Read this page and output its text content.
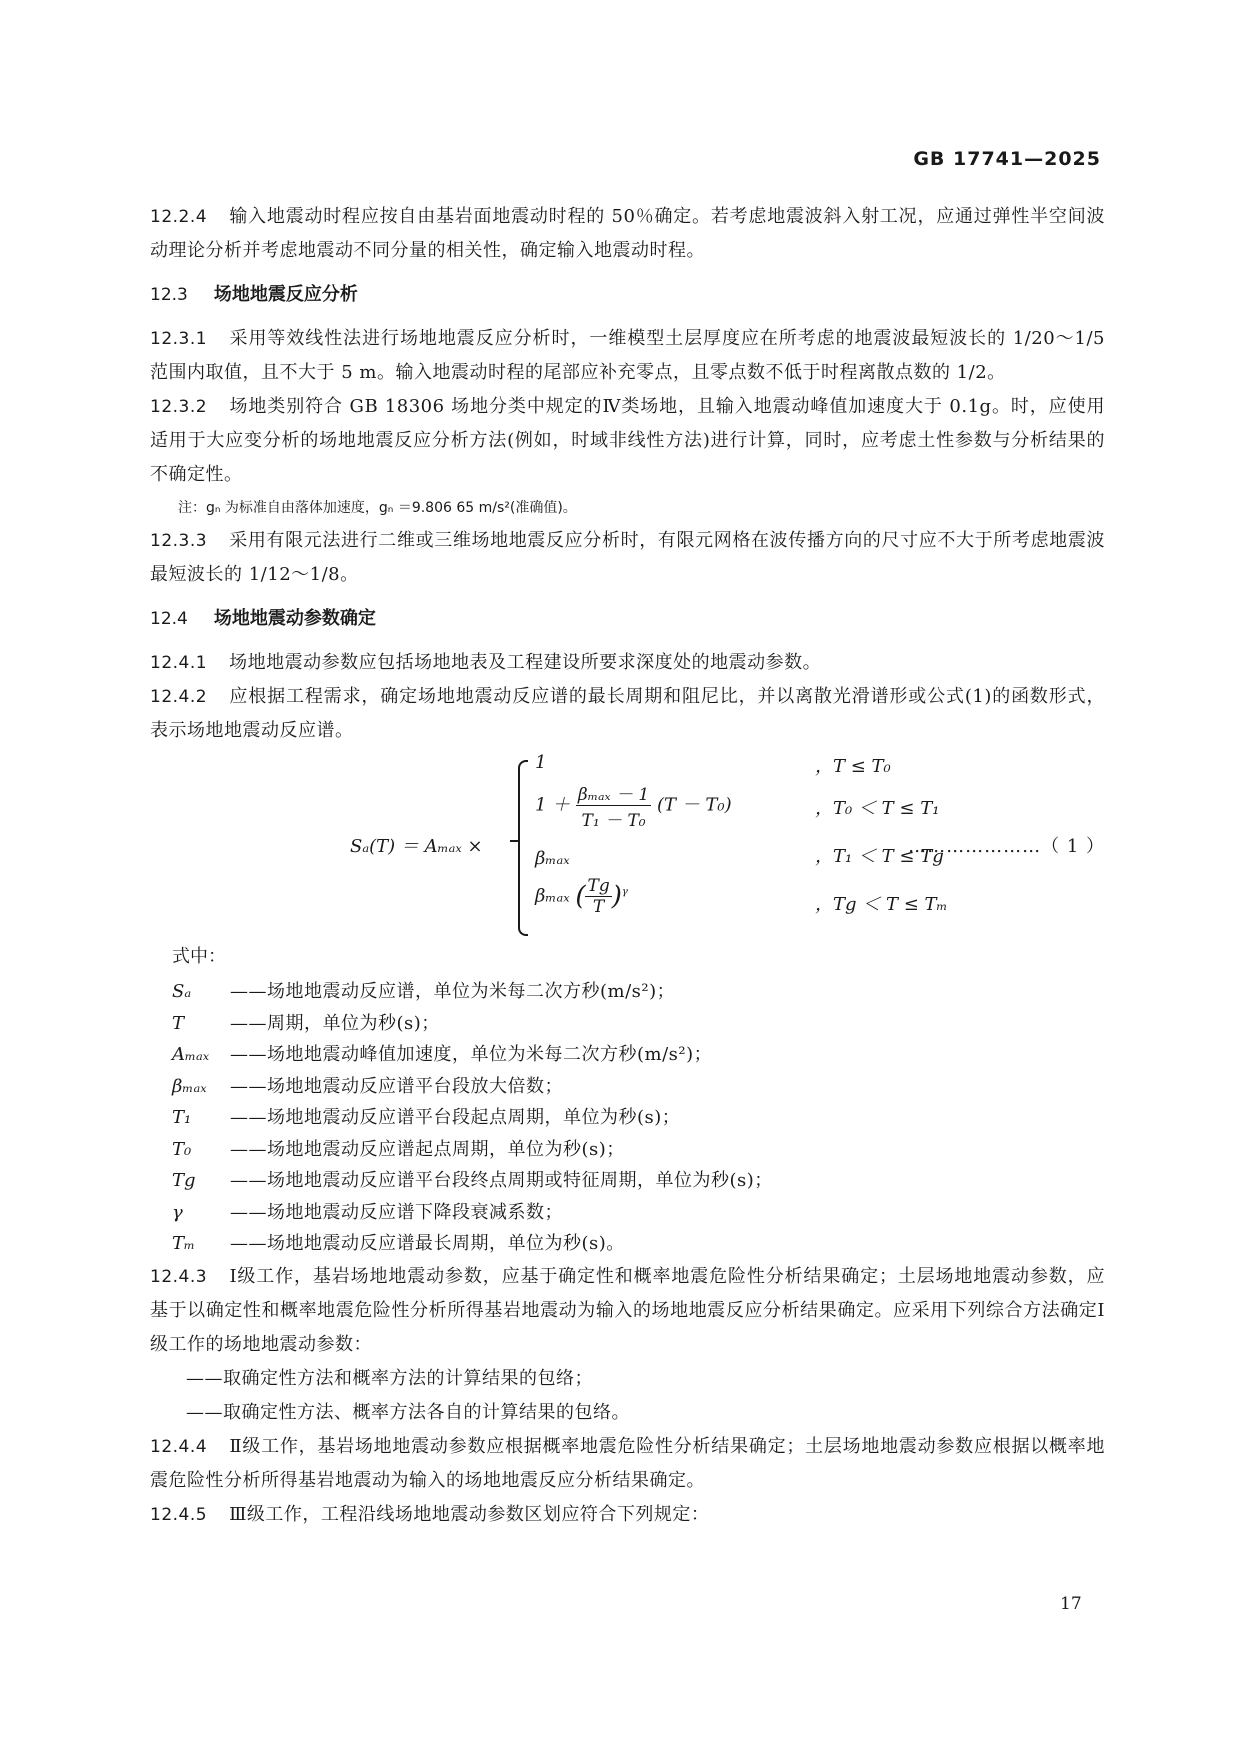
GB 17741—2025

12.2.4 输入地震动时程应按自由基岩面地震动时程的 50％确定。若考虑地震波斜入射工况，应通过弹性半空间波动理论分析并考虑地震动不同分量的相关性，确定输入地震动时程。

12.3 场地地震反应分析

12.3.1 采用等效线性法进行场地地震反应分析时，一维模型土层厚度应在所考虑的地震波最短波长的 1/20～1/5 范围内取值，且不大于 5 m。输入地震动时程的尾部应补充零点，且零点数不低于时程离散点数的 1/2。

12.3.2 场地类别符合 GB 18306 场地分类中规定的Ⅳ类场地，且输入地震动峰值加速度大于 0.1g。时，应使用适用于大应变分析的场地地震反应分析方法(例如，时域非线性方法)进行计算，同时，应考虑土性参数与分析结果的不确定性。

注：gₙ 为标准自由落体加速度，gₙ ＝9.806 65 m/s²(准确值)。

12.3.3 采用有限元法进行二维或三维场地地震反应分析时，有限元网格在波传播方向的尺寸应不大于所考虑地震波最短波长的 1/12～1/8。

12.4 场地地震动参数确定

12.4.1 场地地震动参数应包括场地地表及工程建设所要求深度处的地震动参数。

12.4.2 应根据工程需求，确定场地地震动反应谱的最长周期和阻尼比，并以离散光滑谱形或公式(1)的函数形式，表示场地地震动反应谱。

Sₐ(T) ＝ Aₘₐₓ ×
1	，T ≤ T₀
$1 + \frac{\text{βₘₐₓ － 1}}{\text{T₁ － T₀}} (T - T_0)$	，T₀ ＜ T ≤ T₁
βₘₐₓ	，T₁ ＜ T ≤ Tg
βₘₐₓ ( $\frac{Tg}{T} )^\gamma$
，Tg ＜ T ≤ Tₘ
…………………（ 1 ）
式中：
Sₐ ——场地地震动反应谱，单位为米每二次方秒(m/s²)；
T	——周期，单位为秒(s)；
Aₘₐₓ ——场地地震动峰值加速度，单位为米每二次方秒(m/s²)；
βₘₐₓ ——场地地震动反应谱平台段放大倍数；
T₁ ——场地地震动反应谱平台段起点周期，单位为秒(s)；
T₀ ——场地地震动反应谱起点周期，单位为秒(s)；
Tg ——场地地震动反应谱平台段终点周期或特征周期，单位为秒(s)；
γ	——场地地震动反应谱下降段衰减系数；
Tₘ ——场地地震动反应谱最长周期，单位为秒(s)。

12.4.3 Ⅰ级工作，基岩场地地震动参数，应基于确定性和概率地震危险性分析结果确定；土层场地地震动参数，应基于以确定性和概率地震危险性分析所得基岩地震动为输入的场地地震反应分析结果确定。应采用下列综合方法确定Ⅰ级工作的场地地震动参数：

——取确定性方法和概率方法的计算结果的包络；

——取确定性方法、概率方法各自的计算结果的包络。

12.4.4 Ⅱ级工作，基岩场地地震动参数应根据概率地震危险性分析结果确定；土层场地地震动参数应根据以概率地震危险性分析所得基岩地震动为输入的场地地震反应分析结果确定。

12.4.5 Ⅲ级工作，工程沿线场地地震动参数区划应符合下列规定：

17
